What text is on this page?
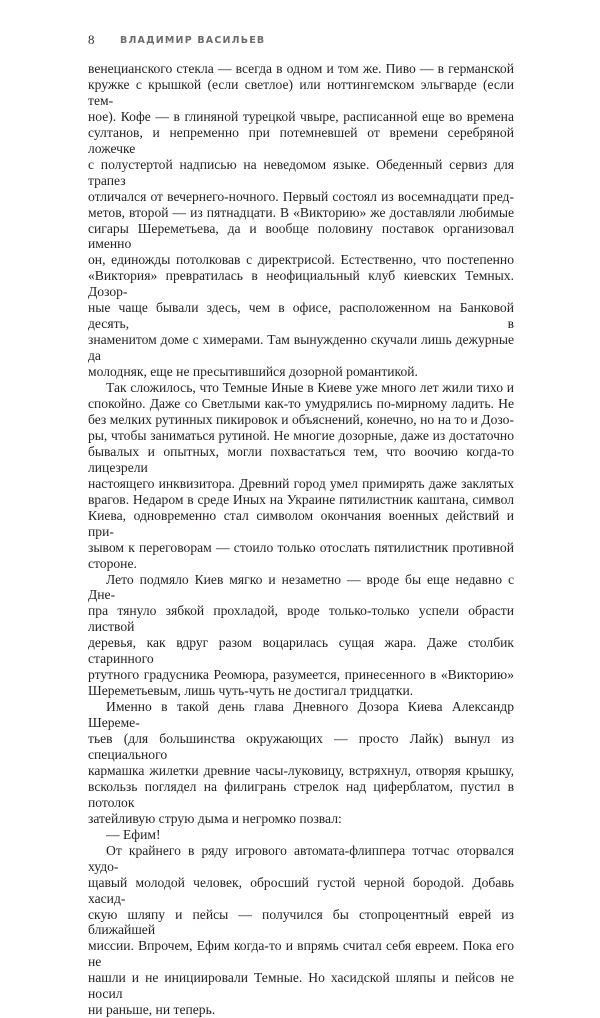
8	ВЛАДИМИР ВАСИЛЬЕВ
венецианского стекла — всегда в одном и том же. Пиво — в германской
кружке с крышкой (если светлое) или ноттингемском эльгварде (если тем-
ное). Кофе — в глиняной турецкой чвыре, расписанной еще во времена
султанов, и непременно при потемневшей от времени серебряной ложечке
с полустертой надписью на неведомом языке. Обеденный сервиз для трапез
отличался от вечернего-ночного. Первый состоял из восемнадцати пред-
метов, второй — из пятнадцати. В «Викторию» же доставляли любимые
сигары Шереметьева, да и вообще половину поставок организовал именно
он, единожды потолковав с директрисой. Естественно, что постепенно
«Виктория» превратилась в неофициальный клуб киевских Темных. Дозор-
ные чаще бывали здесь, чем в офисе, расположенном на Банковой десять, в
знаменитом доме с химерами. Там вынужденно скучали лишь дежурные да
молодняк, еще не пресытившийся дозорной романтикой.
Так сложилось, что Темные Иные в Киеве уже много лет жили тихо и
спокойно. Даже со Светлыми как-то умудрялись по-мирному ладить. Не
без мелких рутинных пикировок и объяснений, конечно, но на то и Дозо-
ры, чтобы заниматься рутиной. Не многие дозорные, даже из достаточно
бывалых и опытных, могли похвастаться тем, что воочию когда-то лицезрели
настоящего инквизитора. Древний город умел примирять даже заклятых
врагов. Недаром в среде Иных на Украине пятилистник каштана, символ
Киева, одновременно стал символом окончания военных действий и при-
зывом к переговорам — стоило только отослать пятилистник противной
стороне.
Лето подмяло Киев мягко и незаметно — вроде бы еще недавно с Дне-
пра тянуло зябкой прохладой, вроде только-только успели обрасти листвой
деревья, как вдруг разом воцарилась сущая жара. Даже столбик старинного
ртутного градусника Реомюра, разумеется, принесенного в «Викторию»
Шереметьевым, лишь чуть-чуть не достигал тридцатки.
Именно в такой день глава Дневного Дозора Киева Александр Шереме-
тьев (для большинства окружающих — просто Лайк) вынул из специального
кармашка жилетки древние часы-луковицу, встряхнул, отворяя крышку,
вскользь поглядел на филигрань стрелок над циферблатом, пустил в потолок
затейливую струю дыма и негромко позвал:
— Ефим!
От крайнего в ряду игрового автомата-флиппера тотчас оторвался худо-
щавый молодой человек, обросший густой черной бородой. Добавь хасид-
скую шляпу и пейсы — получился бы стопроцентный еврей из ближайшей
миссии. Впрочем, Ефим когда-то и впрямь считал себя евреем. Пока его не
нашли и не инициировали Темные. Но хасидской шляпы и пейсов не носил
ни раньше, ни теперь.
